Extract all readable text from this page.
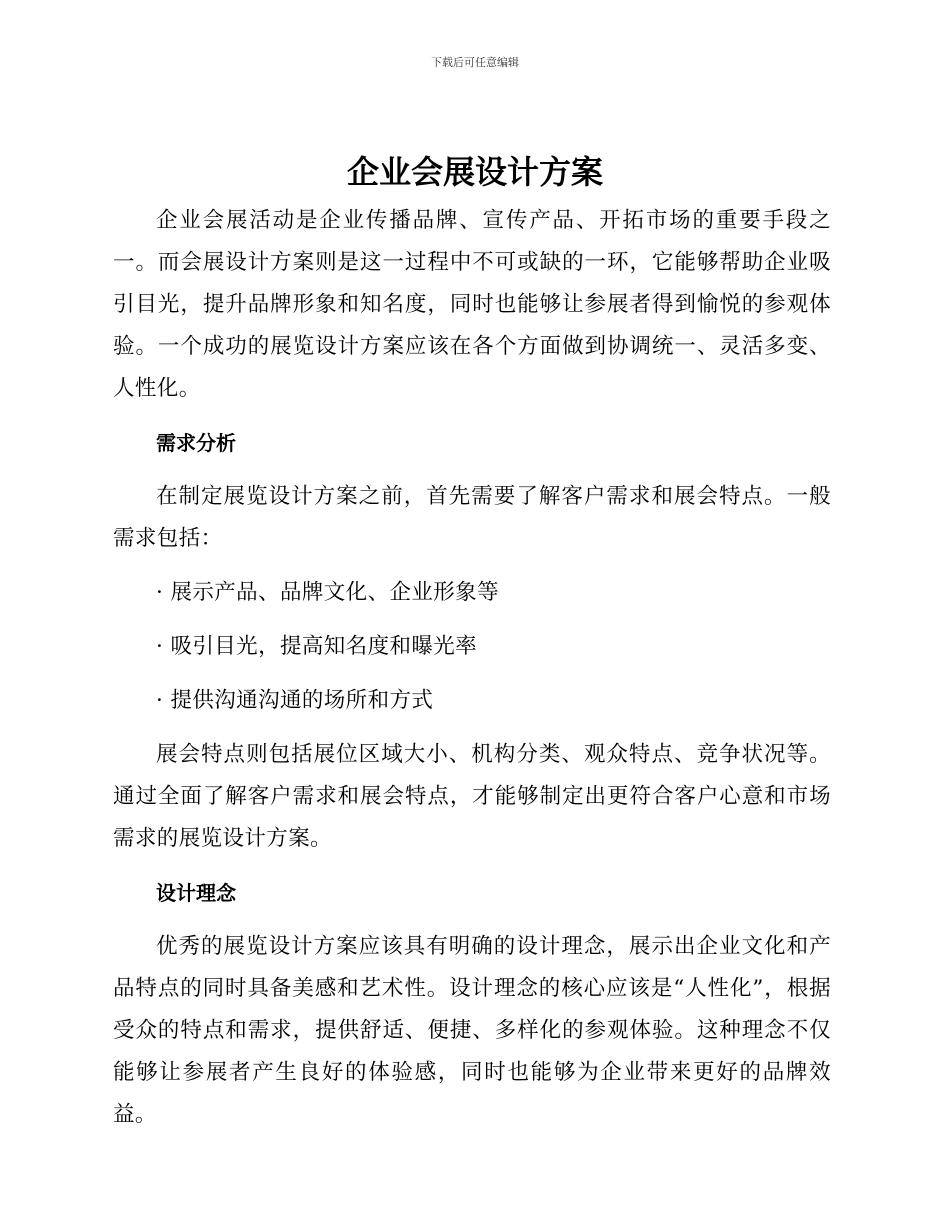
下载后可任意编辑
企业会展设计方案

企业会展活动是企业传播品牌、宣传产品、开拓市场的重要手段之一。而会展设计方案则是这一过程中不可或缺的一环，它能够帮助企业吸引目光，提升品牌形象和知名度，同时也能够让参展者得到愉悦的参观体验。一个成功的展览设计方案应该在各个方面做到协调统一、灵活多变、人性化。

需求分析

在制定展览设计方案之前，首先需要了解客户需求和展会特点。一般需求包括：

· 展示产品、品牌文化、企业形象等

· 吸引目光，提高知名度和曝光率

· 提供沟通沟通的场所和方式

展会特点则包括展位区域大小、机构分类、观众特点、竞争状况等。通过全面了解客户需求和展会特点，才能够制定出更符合客户心意和市场需求的展览设计方案。

设计理念

优秀的展览设计方案应该具有明确的设计理念，展示出企业文化和产品特点的同时具备美感和艺术性。设计理念的核心应该是“人性化”，根据受众的特点和需求，提供舒适、便捷、多样化的参观体验。这种理念不仅能够让参展者产生良好的体验感，同时也能够为企业带来更好的品牌效益。
